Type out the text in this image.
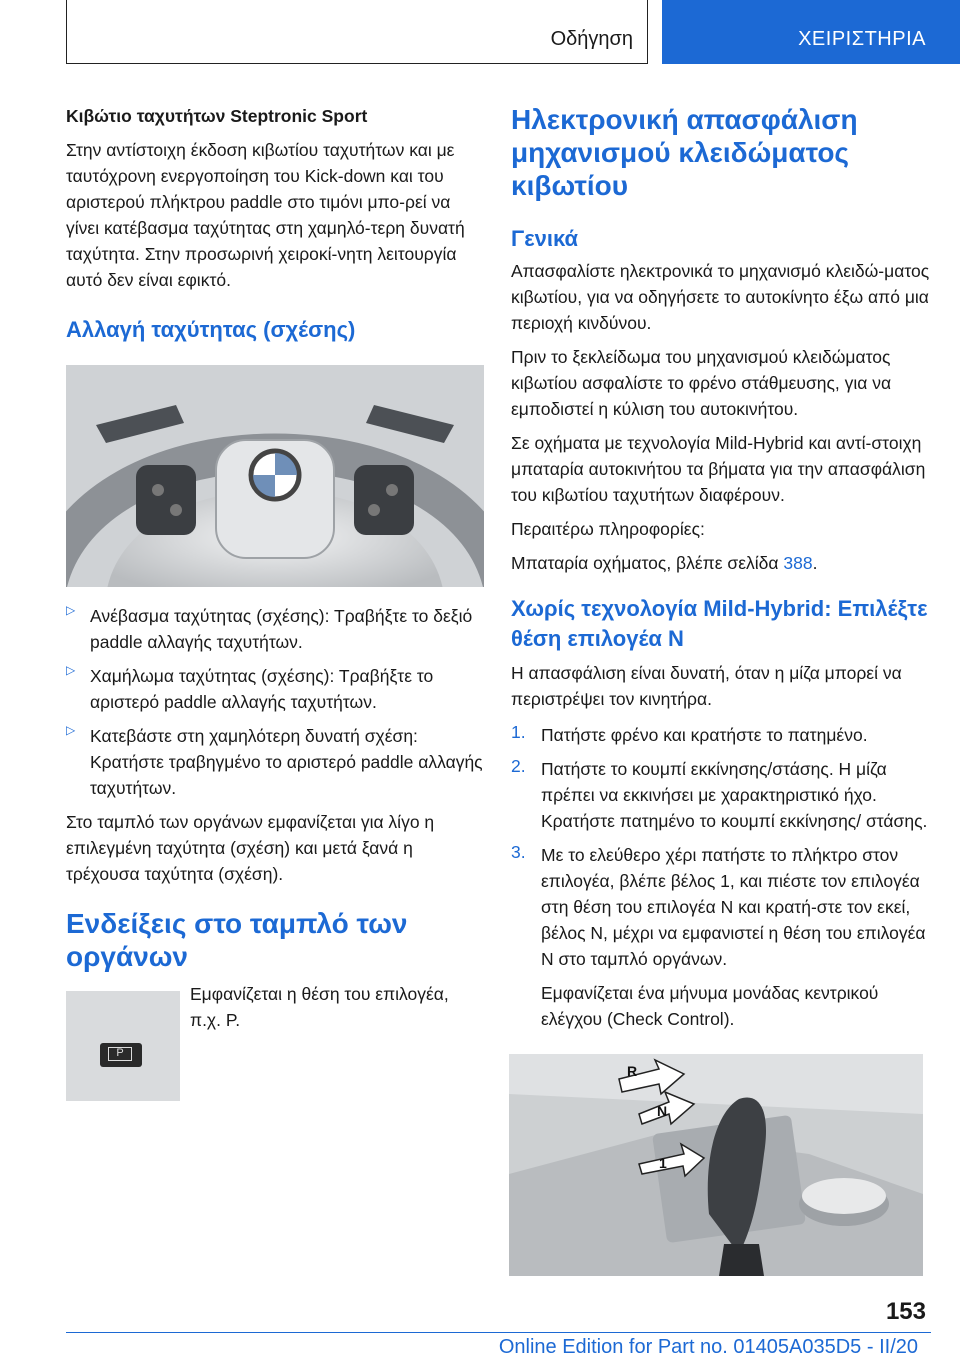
Οδήγηση	ΧΕΙΡΙΣΤΗΡΙΑ

Κιβώτιο ταχυτήτων Steptronic Sport

Στην αντίστοιχη έκδοση κιβωτίου ταχυτήτων και με ταυτόχρονη ενεργοποίηση του Kick-down και του αριστερού πλήκτρου paddle στο τιμόνι μπο-ρεί να γίνει κατέβασμα ταχύτητας στη χαμηλό-τερη δυνατή ταχύτητα. Στην προσωρινή χειροκί-νητη λειτουργία αυτό δεν είναι εφικτό.

Αλλαγή ταχύτητας (σχέσης)
▷ Ανέβασμα ταχύτητας (σχέσης): Τραβήξτε το δεξιό paddle αλλαγής ταχυτήτων.

▷ Χαμήλωμα ταχύτητας (σχέσης): Τραβήξτε το αριστερό paddle αλλαγής ταχυτήτων.

▷ Κατεβάστε στη χαμηλότερη δυνατή σχέση: Κρατήστε τραβηγμένο το αριστερό paddle αλλαγής ταχυτήτων.

Στο ταμπλό των οργάνων εμφανίζεται για λίγο η επιλεγμένη ταχύτητα (σχέση) και μετά ξανά η τρέχουσα ταχύτητα (σχέση).

Ενδείξεις στο ταμπλό των οργάνων
P

Εμφανίζεται η θέση του επιλογέα, π.χ. P.

Ηλεκτρονική απασφάλιση μηχανισμού κλειδώματος κιβωτίου
Γενικά

Απασφαλίστε ηλεκτρονικά το μηχανισμό κλειδώ-ματος κιβωτίου, για να οδηγήσετε το αυτοκίνητο έξω από μια περιοχή κινδύνου.

Πριν το ξεκλείδωμα του μηχανισμού κλειδώματος κιβωτίου ασφαλίστε το φρένο στάθμευσης, για να εμποδιστεί η κύλιση του αυτοκινήτου.

Σε οχήματα με τεχνολογία Mild-Hybrid και αντί-στοιχη μπαταρία αυτοκινήτου τα βήματα για την απασφάλιση του κιβωτίου ταχυτήτων διαφέρουν.

Περαιτέρω πληροφορίες:

Μπαταρία οχήματος, βλέπε σελίδα 388.

Χωρίς τεχνολογία Mild-Hybrid: Επιλέξτε θέση επιλογέα N

Η απασφάλιση είναι δυνατή, όταν η μίζα μπορεί να περιστρέψει τον κινητήρα.

1. Πατήστε φρένο και κρατήστε το πατημένο.

2. Πατήστε το κουμπί εκκίνησης/στάσης. Η μίζα πρέπει να εκκινήσει με χαρακτηριστικό ήχο. Κρατήστε πατημένο το κουμπί εκκίνησης/ στάσης.

3. Με το ελεύθερο χέρι πατήστε το πλήκτρο στον επιλογέα, βλέπε βέλος 1, και πιέστε τον επιλογέα στη θέση του επιλογέα N και κρατή-στε τον εκεί, βέλος N, μέχρι να εμφανιστεί η θέση του επιλογέα N στο ταμπλό οργάνων.

Εμφανίζεται ένα μήνυμα μονάδας κεντρικού ελέγχου (Check Control).

R
N
1
153
Online Edition for Part no. 01405A035D5 - II/20
